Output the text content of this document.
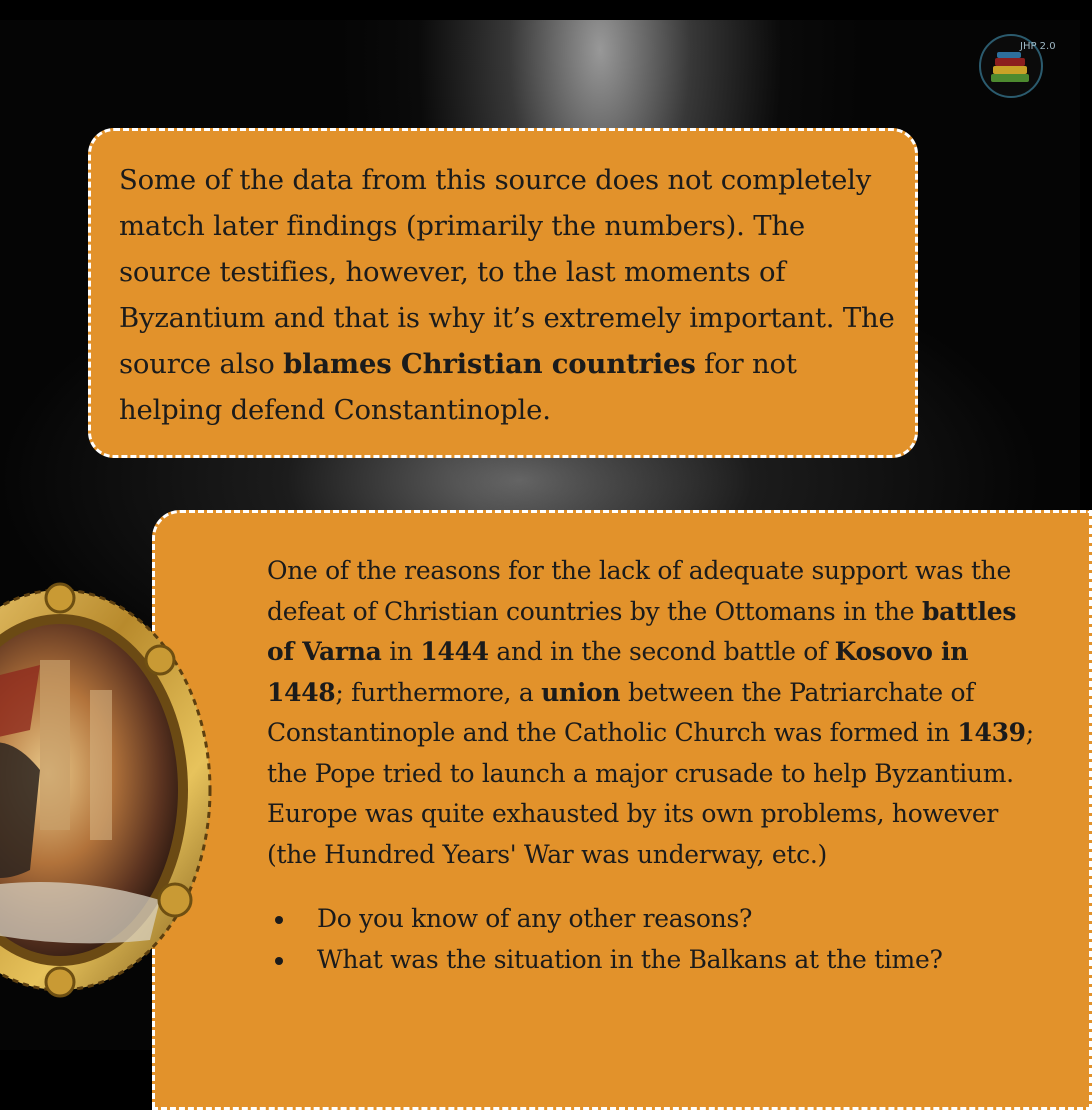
JHP 2.0
Some of the data from this source does not completely match later findings (primarily the numbers). The source testifies, however, to the last moments of Byzantium and that is why it’s extremely important. The source also blames Christian countries for not helping defend Constantinople.
One of the reasons for the lack of adequate support was the defeat of Christian countries by the Ottomans in the battles of Varna in 1444 and in the second battle of Kosovo in 1448; furthermore, a union between the Patriarchate of Constantinople and the Catholic Church was formed in 1439; the Pope tried to launch a major crusade to help Byzantium. Europe was quite exhausted by its own problems, however (the Hundred Years' War was underway, etc.)
• Do you know of any other reasons?
• What was the situation in the Balkans at the time?
